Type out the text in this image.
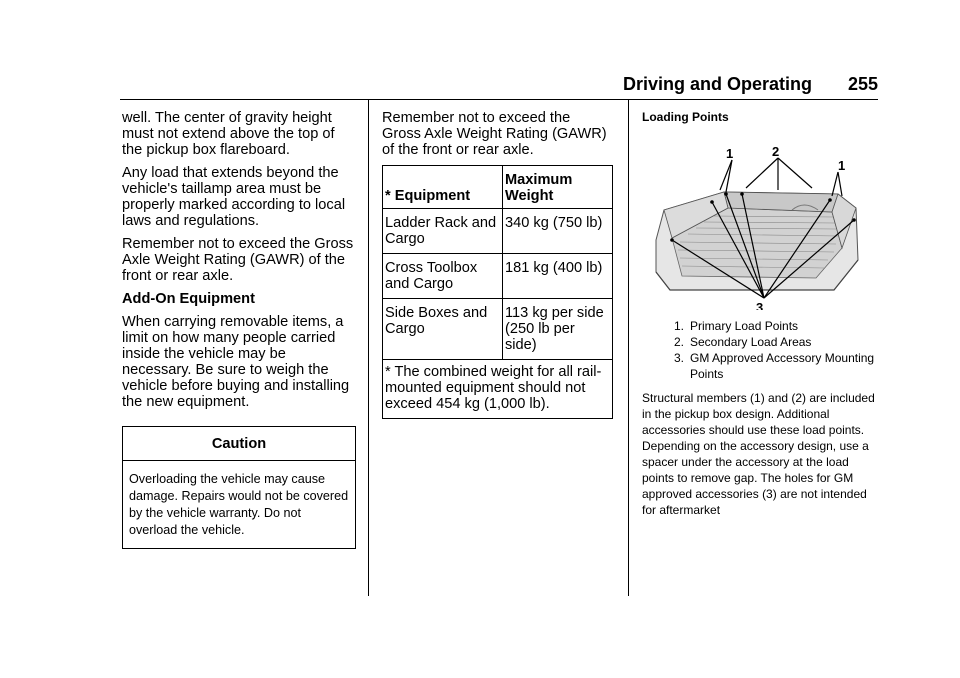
Driving and Operating 255

well. The center of gravity height must not extend above the top of the pickup box flareboard.

Any load that extends beyond the vehicle's taillamp area must be properly marked according to local laws and regulations.

Remember not to exceed the Gross Axle Weight Rating (GAWR) of the front or rear axle.

Add-On Equipment

When carrying removable items, a limit on how many people carried inside the vehicle may be necessary. Be sure to weigh the vehicle before buying and installing the new equipment.

Caution
Overloading the vehicle may cause damage. Repairs would not be covered by the vehicle warranty. Do not overload the vehicle.

Remember not to exceed the Gross Axle Weight Rating (GAWR) of the front or rear axle.

* Equipment	Maximum Weight
Ladder Rack and Cargo	340 kg (750 lb)
Cross Toolbox and Cargo	181 kg (400 lb)
Side Boxes and Cargo	113 kg per side (250 lb per side)
* The combined weight for all rail-mounted equipment should not exceed 454 kg (1,000 lb).	
Loading Points
1	2
1
3
1. Primary Load Points
2. Secondary Load Areas
3. GM Approved Accessory Mounting Points
Structural members (1) and (2) are included in the pickup box design. Additional accessories should use these load points. Depending on the accessory design, use a spacer under the accessory at the load points to remove gap. The holes for GM approved accessories (3) are not intended for aftermarket
